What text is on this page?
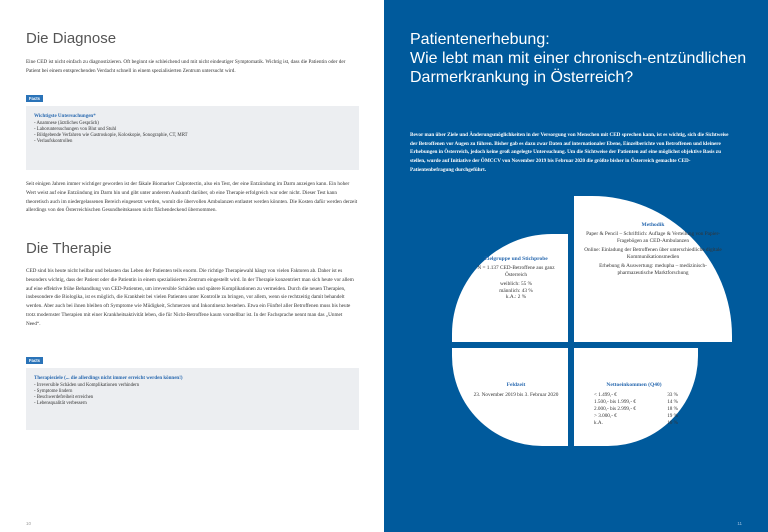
Die Diagnose

Eine CED ist nicht einfach zu diagnostizieren. Oft beginnt sie schleichend und mit nicht eindeutiger Symptomatik. Wichtig ist, dass die Patientin oder der Patient bei einem entsprechenden Verdacht schnell in einem spezialisierten Zentrum untersucht wird.

Facts

Wichtigste Untersuchungen*

- Anamnese (ärztliches Gespräch)
- Laboruntersuchungen von Blut und Stuhl
- Bildgebende Verfahren wie Gastroskopie, Koloskopie, Sonographie, CT, MRT
- Verlaufskontrollen

Seit einigen Jahren immer wichtiger geworden ist der fäkale Biomarker Calprotectin, also ein Test, der eine Entzündung im Darm anzeigen kann. Ein hoher Wert weist auf eine Entzündung im Darm hin und gibt unter anderem Ausk​unft darüber, ob eine Therapie erfolgreich war oder nicht. Dieser Test kann theoretisch auch im niedergelassenen Bereich eingesetzt werden, womit die übervollen Ambulanzen entlastet werden könnten. Die Kosten dafür werden derzeit allerdings von den Österreichischen Gesundheitskassen nicht flächendeckend übernommen.

Die Therapie

CED sind bis heute nicht heilbar und belasten das Leben der Patienten teils enorm. Die richtige Therapiewahl hängt von vielen Faktoren ab. Daher ist es besonders wichtig, dass der Patient oder die Patientin in einem spezialisierten Zentrum eingestellt wird. In der Therapie konzentriert man sich heute vor allem auf eine effektive frühe Behandlung von CED-Patienten, um irreversible Schäden und spätere Komplikationen zu vermeiden. Durch die neuen Therapien, insbesondere die Biologika, ist es möglich, die Krankheit bei vielen Patienten unter Kontrolle zu bringen, vor allem, wenn sie rechtzeitig damit behandelt werden. Aber auch bei ihnen bleiben oft Symptome wie Müdigkeit, Schmerzen und Inkontinenz bestehen. Etwa ein Fünftel aller Betroffenen muss bis heute trotz modernster Therapien mit einer Krankheitsaktivität leben, die für Nicht-Betroffene kaum vorstellbar ist. In der Fachsprache nennt man das „Unmet Need“.

Facts

Therapieziele (... die allerdings nicht immer erreicht werden können!)

- Irreversible Schäden und Komplikationen verhindern
- Symptome lindern
- Beschwerdefreiheit erreichen
- Lebensqualität verbessern
10
Patientenerhebung:
Wie lebt man mit einer chronisch-entzündlichen
Darmerkrankung in Österreich?

Bevor man über Ziele und Änderungsmöglichkeiten in der Versorgung von Menschen mit CED sprechen kann, ist es wichtig, sich die Sichtweise der Betroffenen vor Augen zu führen. Bisher gab es dazu zwar Daten auf internationaler Ebene, Einzelberichte von Betroffenen und kleinere Erhebungen in Österreich, jedoch keine groß angelegte Untersuchung. Um die Sichtweise der Patienten auf eine möglichst objektive Basis zu stellen, wurde auf Initiative der ÖMCCV von November 2019 bis Februar 2020 die größte bisher in Österreich gemachte CED-Patientenbefragung durchgeführt.

Zielgruppe und Stichprobe
N = 1.137 CED-Betroffene aus ganz Österreich
weiblich: 55 %
männlich: 43 %
k.A.: 2 %
Methodik
Paper & Pencil – Schriftlich: Auflage & Verteilung von Papier-Fragebögen an CED-Ambulanzen
Online: Einladung der Betroffenen über unterschiedliche digitale Kommunikationsmedien
Erhebung & Auswertung: medupha – medizinisch-pharmazeutische Marktforschung
Feldzeit
23. November 2019 bis 3. Februar 2020
Nettoeinkommen (Q40)
< 1.499,- €	33 %
1.500,- bis 1.999,- €	14 %
2.000,- bis 2.999,- €	18 %
> 3.000,- €	19 %
k.A.	16 %
11
